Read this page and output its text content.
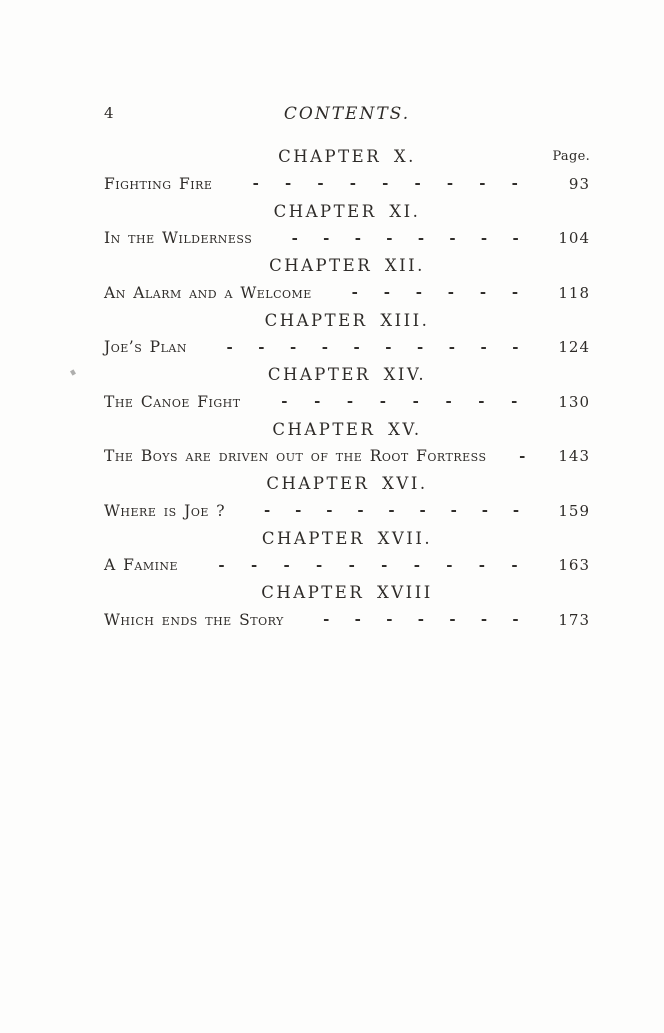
4	CONTENTS.
Page.
CHAPTER X.
Fighting Fire	- - - - - - - - -	93
CHAPTER XI.
In the Wilderness	- - - - - - - -	104
CHAPTER XII.
An Alarm and a Welcome	- - - - - -	118
CHAPTER XIII.
Joe’s Plan	- - - - - - - - - -	124
CHAPTER XIV.
The Canoe Fight	- - - - - - - -	130
CHAPTER XV.
The Boys are driven out of the Root Fortress - 143
CHAPTER XVI.
Where is Joe ?	- - - - - - - - -	159
CHAPTER XVII.
A Famine	- - - - - - - - - -	163
CHAPTER XVIII
Which ends the Story	- - - - - - -	173
